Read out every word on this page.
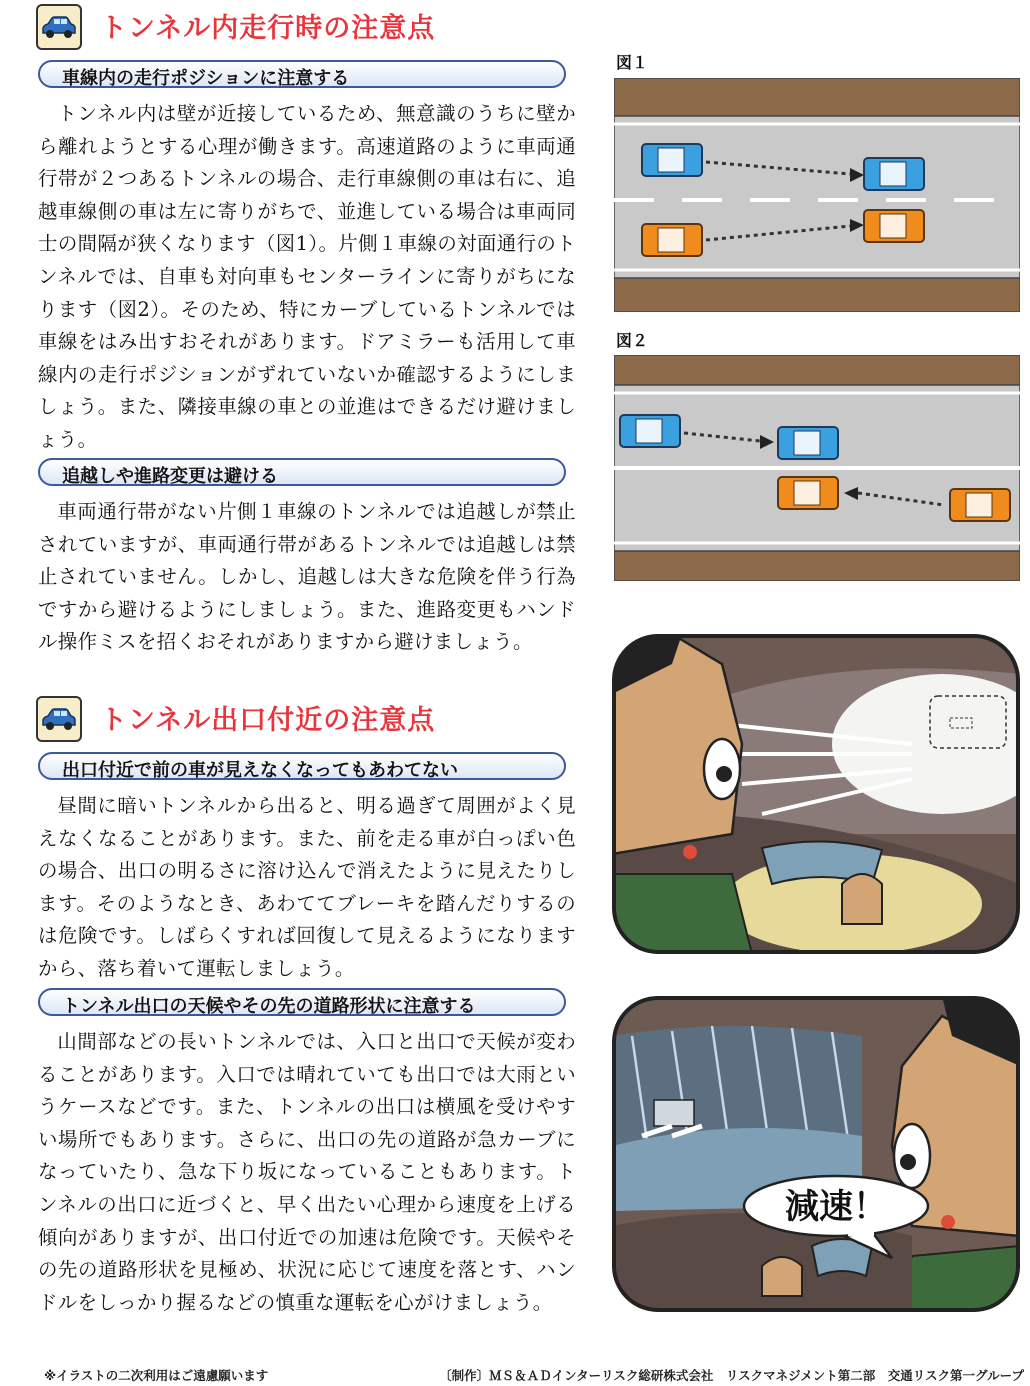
トンネル内走行時の注意点
車線内の走行ポジションに注意する

トンネル内は壁が近接しているため、無意識のうちに壁から離れようとする心理が働きます。高速道路のように車両通行帯が２つあるトンネルの場合、走行車線側の車は右に、追越車線側の車は左に寄りがちで、並進している場合は車両同士の間隔が狭くなります（図1）。片側１車線の対面通行のトンネルでは、自車も対向車もセンターラインに寄りがちになります（図2）。そのため、特にカーブしているトンネルでは車線をはみ出すおそれがあります。ドアミラーも活用して車線内の走行ポジションがずれていないか確認するようにしましょう。また、隣接車線の車との並進はできるだけ避けましょう。

追越しや進路変更は避ける

車両通行帯がない片側１車線のトンネルでは追越しが禁止されていますが、車両通行帯があるトンネルでは追越しは禁止されていません。しかし、追越しは大きな危険を伴う行為ですから避けるようにしましょう。また、進路変更もハンドル操作ミスを招くおそれがありますから避けましょう。

トンネル出口付近の注意点
出口付近で前の車が見えなくなってもあわてない

昼間に暗いトンネルから出ると、明る過ぎて周囲がよく見えなくなることがあります。また、前を走る車が白っぽい色の場合、出口の明るさに溶け込んで消えたように見えたりします。そのようなとき、あわててブレーキを踏んだりするのは危険です。しばらくすれば回復して見えるようになりますから、落ち着いて運転しましょう。

トンネル出口の天候やその先の道路形状に注意する

山間部などの長いトンネルでは、入口と出口で天候が変わることがあります。入口では晴れていても出口では大雨というケースなどです。また、トンネルの出口は横風を受けやすい場所でもあります。さらに、出口の先の道路が急カーブになっていたり、急な下り坂になっていることもあります。トンネルの出口に近づくと、早く出たい心理から速度を上げる傾向がありますが、出口付近での加速は危険です。天候やその先の道路形状を見極め、状況に応じて速度を落とす、ハンドルをしっかり握るなどの慎重な運転を心がけましょう。

図１
図２
減速！
※イラストの二次利用はご遠慮願います	〔制作〕ＭＳ＆ＡＤインターリスク総研株式会社　リスクマネジメント第二部　交通リスク第一グループ
